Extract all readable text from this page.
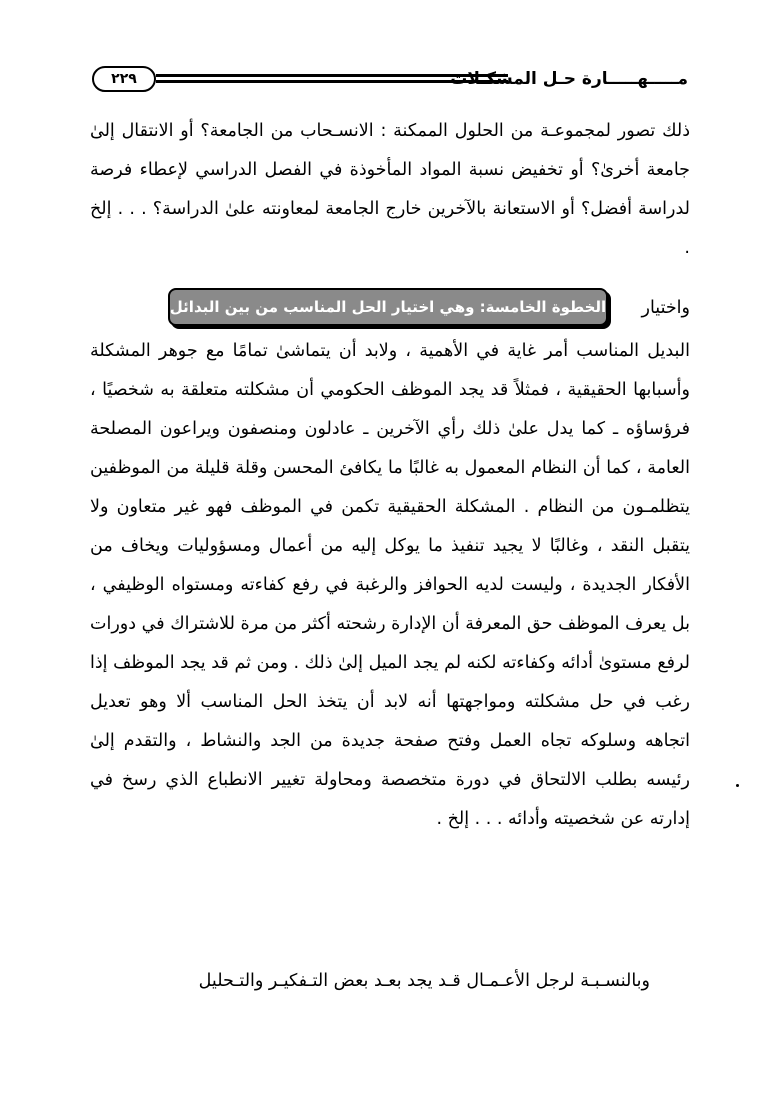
٢٢٩	مـــــهـــــارة حـل المشكـلات
ذلك تصور لمجموعـة من الحلول الممكنة : الانسـحاب من الجامعة؟ أو الانتقال إلىٰ جامعة أخرىٰ؟ أو تخفيض نسبة المواد المأخوذة في الفصل الدراسي لإعطاء فرصة لدراسة أفضل؟ أو الاستعانة بالآخرين خارج الجامعة لمعاونته علىٰ الدراسة؟ . . . إلخ .
واختيار
الخطوة الخامسة: وهي اختيار الحل المناسب من بين البدائل
البديل المناسب أمر غاية في الأهمية ، ولابد أن يتماشىٰ تمامًا مع جوهر المشكلة وأسبابها الحقيقية ، فمثلاً قد يجد الموظف الحكومي أن مشكلته متعلقة به شخصيًا ، فرؤساؤه ـ كما يدل علىٰ ذلك رأي الآخرين ـ عادلون ومنصفون ويراعون المصلحة العامة ، كما أن النظام المعمول به غالبًا ما يكافئ المحسن وقلة قليلة من الموظفين يتظلمـون من النظام . المشكلة الحقيقية تكمن في الموظف فهو غير متعاون ولا يتقبل النقد ، وغالبًا لا يجيد تنفيذ ما يوكل إليه من أعمال ومسؤوليات ويخاف من الأفكار الجديدة ، وليست لديه الحوافز والرغبة في رفع كفاءته ومستواه الوظيفي ، بل يعرف الموظف حق المعرفة أن الإدارة رشحته أكثر من مرة للاشتراك في دورات لرفع مستوىٰ أدائه وكفاءته لكنه لم يجد الميل إلىٰ ذلك . ومن ثم قد يجد الموظف إذا رغب في حل مشكلته ومواجهتها أنه لابد أن يتخذ الحل المناسب ألا وهو تعديل اتجاهه وسلوكه تجاه العمل وفتح صفحة جديدة من الجد والنشاط ، والتقدم إلىٰ رئيسه بطلب الالتحاق في دورة متخصصة ومحاولة تغيير الانطباع الذي رسخ في إدارته عن شخصيته وأدائه . . . إلخ .
وبالنسـبـة لرجل الأعـمـال قـد يجد بعـد بعض التـفكيـر والتـحليل
